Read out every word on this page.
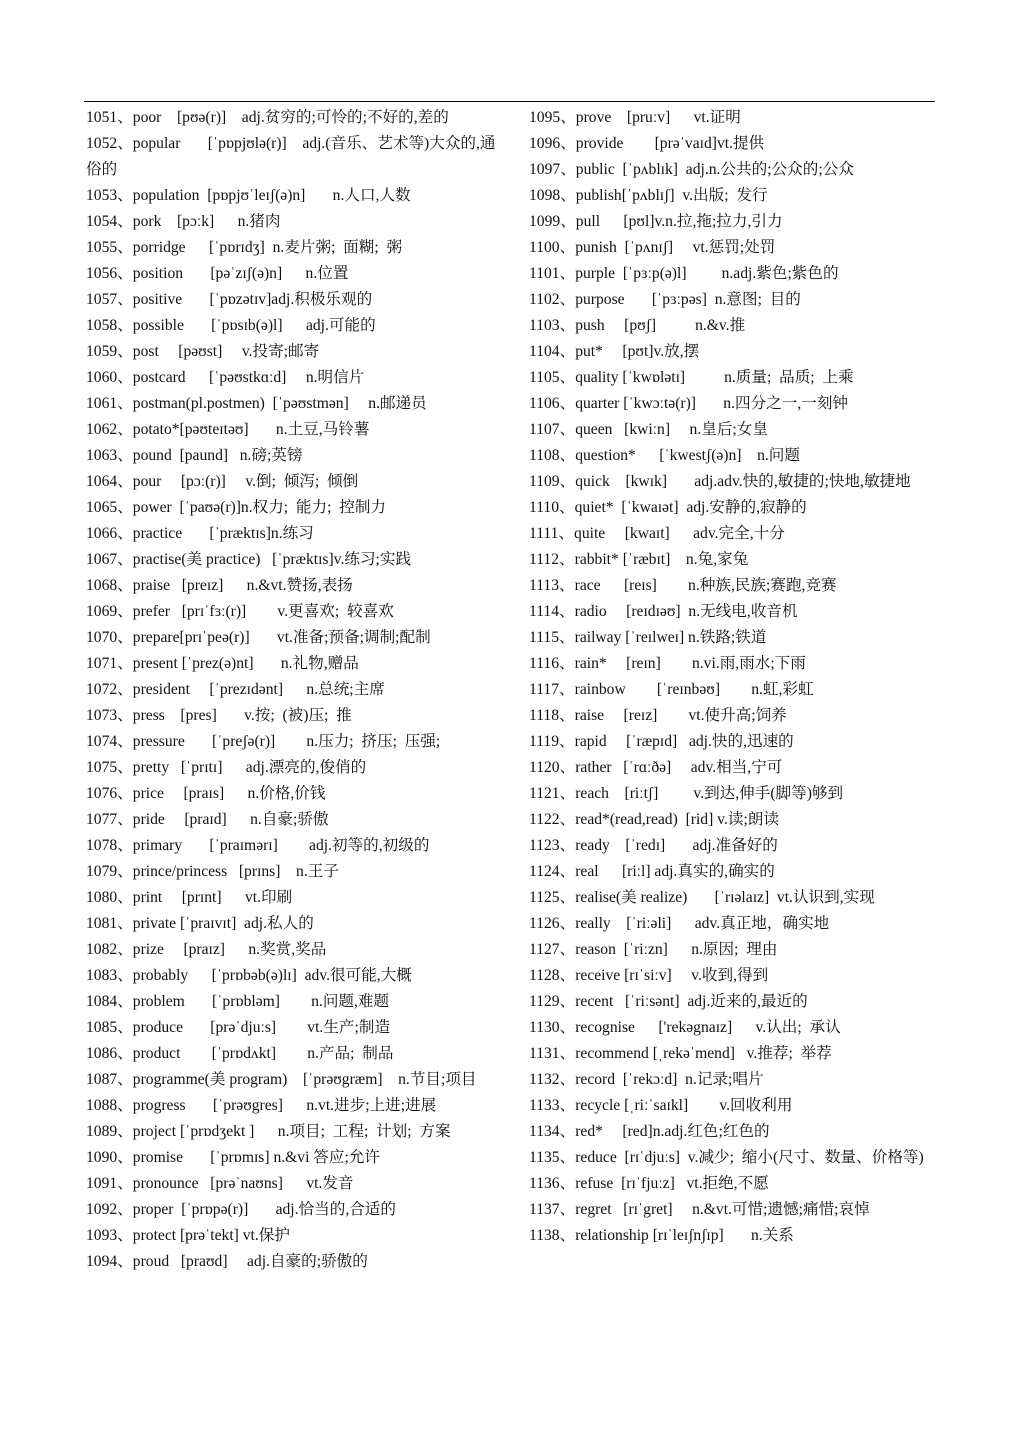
1051、poor    [pʊə(r)]    adj.贫穷的;可怜的;不好的,差的
1052、popular       [ˈpɒpjʊlə(r)]    adj.(音乐、艺术等)大众的,通俗的
1053、population  [pɒpjʊˈleɪʃ(ə)n]       n.人口,人数
1054、pork    [pɔːk]      n.猪肉
1055、porridge      [ˈpɒrɪdʒ]  n.麦片粥;  面糊;  粥
1056、position       [pəˈzɪʃ(ə)n]      n.位置
1057、positive       [ˈpɒzətɪv]adj.积极乐观的
1058、possible       [ˈpɒsɪb(ə)l]      adj.可能的
1059、post     [pəʊst]     v.投寄;邮寄
1060、postcard      [ˈpəʊstkɑːd]     n.明信片
1061、postman(pl.postmen)  [ˈpəʊstmən]     n.邮递员
1062、potato*[pəʊteɪtəʊ]       n.土豆,马铃薯
1063、pound  [paund]   n.磅;英镑
1064、pour     [pɔː(r)]     v.倒;  倾泻;  倾倒
1065、power  [ˈpaʊə(r)]n.权力;  能力;  控制力
1066、practice       [ˈpræktɪs]n.练习
1067、practise(美 practice)   [ˈpræktɪs]v.练习;实践
1068、praise   [preɪz]      n.&vt.赞扬,表扬
1069、prefer   [prɪˈfɜː(r)]        v.更喜欢;  较喜欢
1070、prepare[prɪˈpeə(r)]       vt.准备;预备;调制;配制
1071、present [ˈprez(ə)nt]       n.礼物,赠品
1072、president     [ˈprezɪdənt]      n.总统;主席
1073、press    [pres]       v.按;  (被)压;  推
1074、pressure       [ˈpreʃə(r)]        n.压力;  挤压;  压强;
1075、pretty   [ˈprɪtɪ]      adj.漂亮的,俊俏的
1076、price     [praɪs]      n.价格,价钱
1077、pride     [praɪd]      n.自豪;骄傲
1078、primary       [ˈpraɪmərɪ]        adj.初等的,初级的
1079、prince/princess   [prɪns]    n.王子
1080、print     [prɪnt]      vt.印刷
1081、private [ˈpraɪvɪt]  adj.私人的
1082、prize     [praɪz]      n.奖赏,奖品
1083、probably      [ˈprɒbəb(ə)lɪ]  adv.很可能,大概
1084、problem       [ˈprɒbləm]        n.问题,难题
1085、produce       [prəˈdjuːs]        vt.生产;制造
1086、product        [ˈprɒdʌkt]        n.产品;  制品
1087、programme(美 program)    [ˈprəʊgræm]    n.节目;项目
1088、progress       [ˈprəʊgres]      n.vt.进步;上进;进展
1089、project [ˈprɒdʒekt ]      n.项目;  工程;  计划;  方案
1090、promise       [ˈprɒmɪs] n.&vi 答应;允许
1091、pronounce   [prəˈnaʊns]      vt.发音
1092、proper  [ˈprɒpə(r)]       adj.恰当的,合适的
1093、protect [prəˈtekt] vt.保护
1094、proud   [praʊd]     adj.自豪的;骄傲的
1095、prove    [pruːv]      vt.证明
1096、provide        [prəˈvaɪd]vt.提供
1097、public  [ˈpʌblɪk]  adj.n.公共的;公众的;公众
1098、publish[ˈpʌblɪʃ]  v.出版;  发行
1099、pull      [pʊl]v.n.拉,拖;拉力,引力
1100、punish  [ˈpʌnɪʃ]     vt.惩罚;处罚
1101、purple  [ˈpɜːp(ə)l]         n.adj.紫色;紫色的
1102、purpose       [ˈpɜːpəs]  n.意图;  目的
1103、push     [pʊʃ]          n.&v.推
1104、put*     [pʊt]v.放,摆
1105、quality [ˈkwɒlətɪ]          n.质量;  品质;  上乘
1106、quarter [ˈkwɔːtə(r)]       n.四分之一,一刻钟
1107、queen   [kwiːn]     n.皇后;女皇
1108、question*      [ˈkwestʃ(ə)n]    n.问题
1109、quick    [kwɪk]       adj.adv.快的,敏捷的;快地,敏捷地
1110、quiet*  [ˈkwaɪət]  adj.安静的,寂静的
1111、quite     [kwaɪt]      adv.完全,十分
1112、rabbit* [ˈræbɪt]    n.兔,家兔
1113、race      [reɪs]        n.种族,民族;赛跑,竞赛
1114、radio     [reɪdɪəʊ]  n.无线电,收音机
1115、railway [ˈreɪlweɪ] n.铁路;铁道
1116、rain*     [reɪn]        n.vi.雨,雨水;下雨
1117、rainbow        [ˈreɪnbəʊ]        n.虹,彩虹
1118、raise     [reɪz]        vt.使升高;饲养
1119、rapid     [ˈræpɪd]   adj.快的,迅速的
1120、rather   [ˈrɑːðə]     adv.相当,宁可
1121、reach    [riːtʃ]         v.到达,伸手(脚等)够到
1122、read*(read,read)  [rid] v.读;朗读
1123、ready    [ˈredɪ]       adj.准备好的
1124、real      [riːl] adj.真实的,确实的
1125、realise(美 realize)       [ˈrɪəlaɪz]  vt.认识到,实现
1126、really    [ˈriːəli]      adv.真正地，确实地
1127、reason  [ˈriːzn]      n.原因;  理由
1128、receive [rɪˈsiːv]     v.收到,得到
1129、recent   [ˈriːsənt]  adj.近来的,最近的
1130、recognise      ['rekəgnaɪz]      v.认出;  承认
1131、recommend [ˌrekəˈmend]   v.推荐;  举荐
1132、record  [ˈrekɔːd]  n.记录;唱片
1133、recycle [ˌriːˈsaɪkl]        v.回收利用
1134、red*     [red]n.adj.红色;红色的
1135、reduce  [rɪˈdjuːs]  v.减少;  缩小(尺寸、数量、价格等)
1136、refuse  [rɪˈfjuːz]   vt.拒绝,不愿
1137、regret   [rɪˈgret]     n.&vt.可惜;遗憾;痛惜;哀悼
1138、relationship [rɪˈleɪʃnʃɪp]       n.关系
